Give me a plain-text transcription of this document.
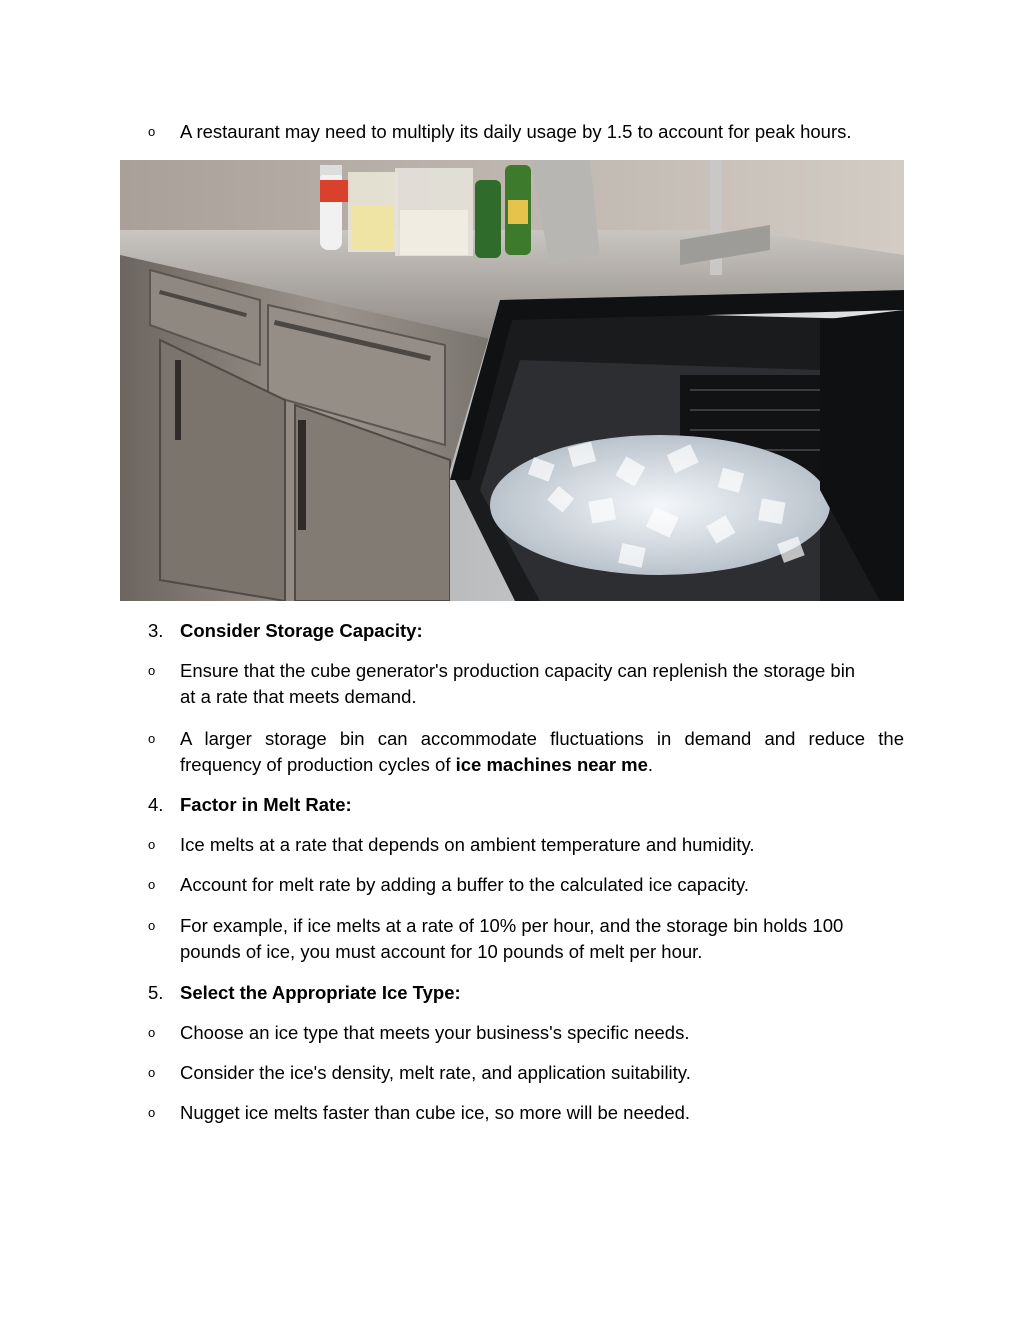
o	A restaurant may need to multiply its daily usage by 1.5 to account for peak hours.
3. Consider Storage Capacity:
o	Ensure that the cube generator's production capacity can replenish the storage bin
at a rate that meets demand.
o	A larger storage bin can accommodate fluctuations in demand and reduce the
frequency of production cycles of ice machines near me.
4. Factor in Melt Rate:
o	Ice melts at a rate that depends on ambient temperature and humidity.
o	Account for melt rate by adding a buffer to the calculated ice capacity.
o	For example, if ice melts at a rate of 10% per hour, and the storage bin holds 100
pounds of ice, you must account for 10 pounds of melt per hour.
5. Select the Appropriate Ice Type:
o	Choose an ice type that meets your business's specific needs.
o	Consider the ice's density, melt rate, and application suitability.
o	Nugget ice melts faster than cube ice, so more will be needed.
